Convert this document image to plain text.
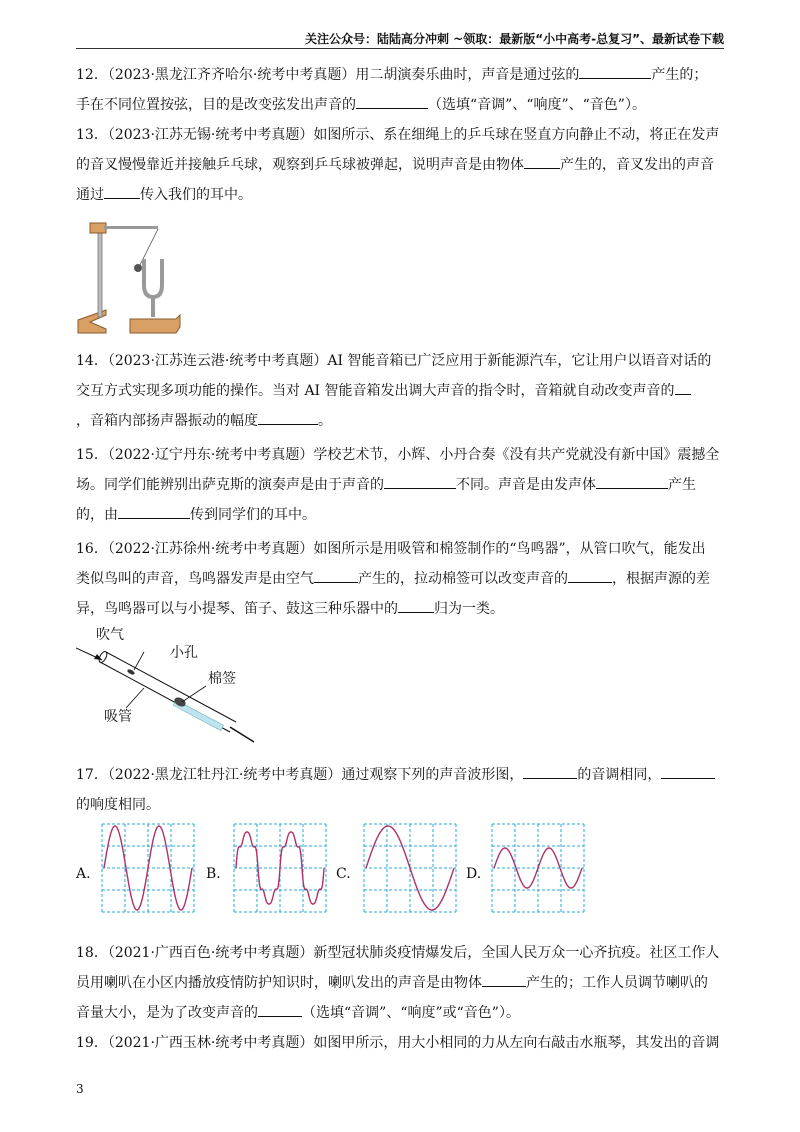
关注公众号：陆陆高分冲刺 ~领取：最新版“小中高考-总复习”、最新试卷下载
12．（2023·黑龙江齐齐哈尔·统考中考真题）用二胡演奏乐曲时，声音是通过弦的	产生的；
手在不同位置按弦，目的是改变弦发出声音的	（选填“音调”、“响度”、“音色”）。
13．（2023·江苏无锡·统考中考真题）如图所示、系在细绳上的乒乓球在竖直方向静止不动，将正在发声
的音叉慢慢靠近并接触乒乓球，观察到乒乓球被弹起，说明声音是由物体	产生的，音叉发出的声音
通过	传入我们的耳中。
14．（2023·江苏连云港·统考中考真题）AI 智能音箱已广泛应用于新能源汽车，它让用户以语音对话的
交互方式实现多项功能的操作。当对 AI 智能音箱发出调大声音的指令时，音箱就自动改变声音的
，音箱内部扬声器振动的幅度	。
15．（2022·辽宁丹东·统考中考真题）学校艺术节，小辉、小丹合奏《没有共产党就没有新中国》震撼全
场。同学们能辨别出萨克斯的演奏声是由于声音的	不同。声音是由发声体	产生
的，由	传到同学们的耳中。
16．（2022·江苏徐州·统考中考真题）如图所示是用吸管和棉签制作的“鸟鸣器”，从管口吹气，能发出
类似鸟叫的声音，鸟鸣器发声是由空气	产生的，拉动棉签可以改变声音的	，根据声源的差
异，鸟鸣器可以与小提琴、笛子、鼓这三种乐器中的	归为一类。
吹气
小孔
棉签
吸管
17．（2022·黑龙江牡丹江·统考中考真题）通过观察下列的声音波形图，	的音调相同，
的响度相同。
A.	B.	C.	D.
18．（2021·广西百色·统考中考真题）新型冠状肺炎疫情爆发后，全国人民万众一心齐抗疫。社区工作人
员用喇叭在小区内播放疫情防护知识时，喇叭发出的声音是由物体	产生的；工作人员调节喇叭的
音量大小，是为了改变声音的	（选填“音调”、“响度”或“音色”）。
19．（2021·广西玉林·统考中考真题）如图甲所示，用大小相同的力从左向右敲击水瓶琴，其发出的音调
3
